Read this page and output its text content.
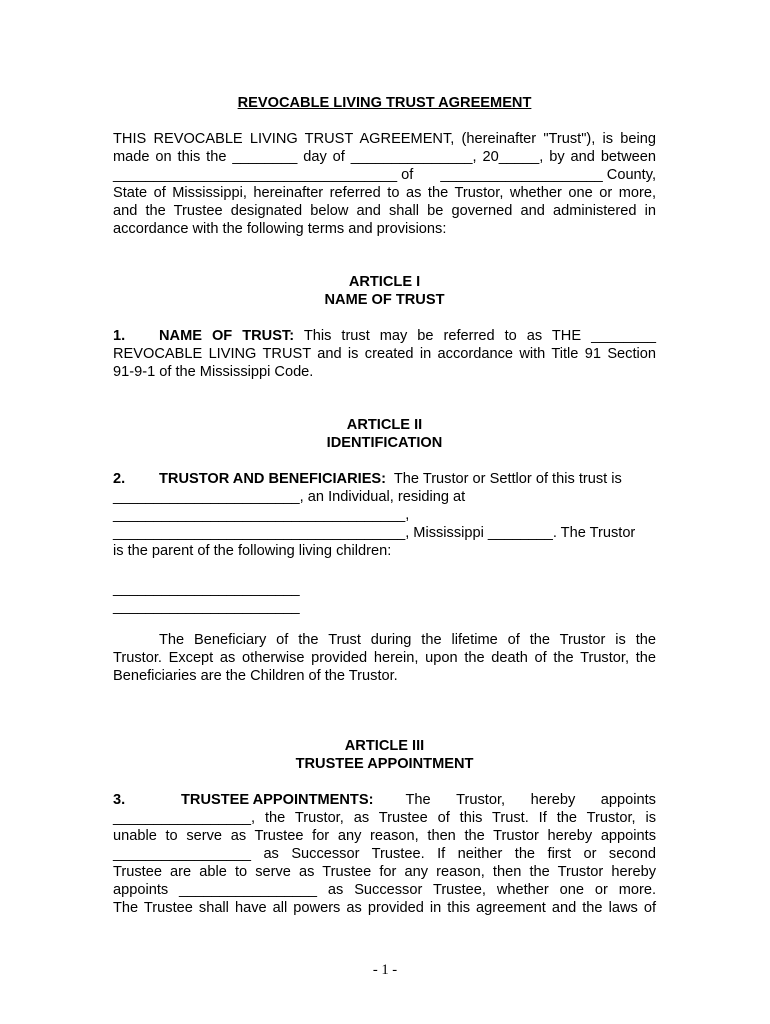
REVOCABLE LIVING TRUST AGREEMENT
THIS REVOCABLE LIVING TRUST AGREEMENT, (hereinafter "Trust"), is being
made on this the ________ day of _______________, 20_____, by and between
___________________________________ of ____________________ County,
State of Mississippi, hereinafter referred to as the Trustor, whether one or more,
and the Trustee designated below and shall be governed and administered in
accordance with the following terms and provisions:
ARTICLE I
NAME OF TRUST
1. NAME OF TRUST: This trust may be referred to as THE ________
REVOCABLE LIVING TRUST and is created in accordance with Title 91 Section
91-9-1 of the Mississippi Code.
ARTICLE II
IDENTIFICATION
2. TRUSTOR AND BENEFICIARIES: The Trustor or Settlor of this trust is
_______________________, an Individual, residing at
____________________________________,
____________________________________, Mississippi ________. The Trustor
is the parent of the following living children:
_______________________
_______________________
The Beneficiary of the Trust during the lifetime of the Trustor is the
Trustor. Except as otherwise provided herein, upon the death of the Trustor, the
Beneficiaries are the Children of the Trustor.
ARTICLE III
TRUSTEE APPOINTMENT
3.	TRUSTEE APPOINTMENTS: The Trustor, hereby appoints
_________________, the Trustor, as Trustee of this Trust. If the Trustor, is
unable to serve as Trustee for any reason, then the Trustor hereby appoints
_________________ as Successor Trustee. If neither the first or second
Trustee are able to serve as Trustee for any reason, then the Trustor hereby
appoints _________________ as Successor Trustee, whether one or more.
The Trustee shall have all powers as provided in this agreement and the laws of
- 1 -
